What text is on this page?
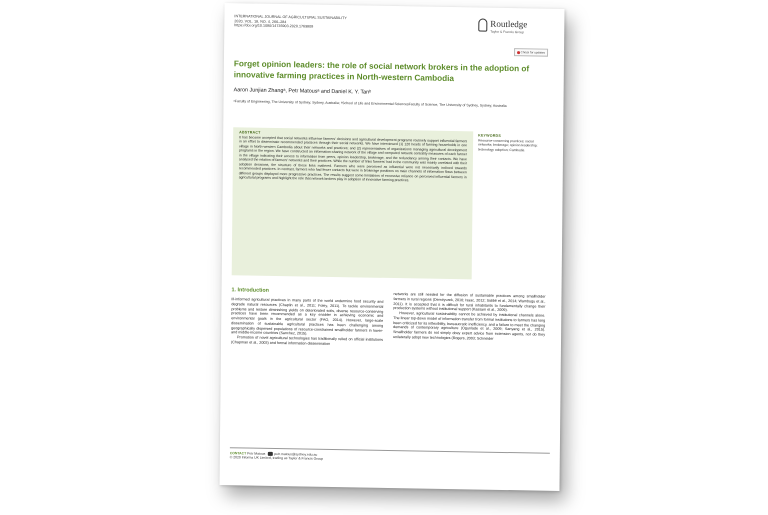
INTERNATIONAL JOURNAL OF AGRICULTURAL SUSTAINABILITY
2020, VOL. 18, NO. 4, 266–284
https://doi.org/10.1080/14735903.2020.1769808	Routledge
Taylor & Francis Group
Check for updates
Forget opinion leaders: the role of social network brokers in the adoption of innovative farming practices in North-western Cambodia
Aaron Junjian Zhangᵃ, Petr Matousᵃ and Daniel K. Y. Tanᵇ
ᵃFaculty of Engineering, The University of Sydney, Sydney, Australia; ᵇSchool of Life and Environmental SciencesFaculty of Science, The University of Sydney, Sydney, Australia
ABSTRACT
It has become accepted that social networks influence farmers' decisions and agricultural development programs routinely support influential farmers in an effort to disseminate recommended practices through their social networks. We have interviewed (1) 120 heads of farming households in one village in North-western Cambodia about their networks and practices; and (2) representatives of organizations managing agricultural development programs in the region. We have constructed an information-sharing network of the village and computed network centrality measures of each farmer in the village indicating their access to information from peers, opinion leadership, brokerage, and the redundancy among their contacts. We have analysed the relation of farmers' networks and their practices. While the number of links farmers' had in the community was mainly unrelated with their adoption decisions, the structure of these links mattered. Farmers who were perceived as influential were not necessarily inclined towards recommended practices. In contrast, farmers who had fewer contacts but were in brokerage positions on main channels of information flows between different groups displayed more progressive practices. The results suggest some limitations of excessive reliance on perceived influential farmers in agricultural programs and highlight the role that network brokers play in adoption of innovative farming practices.
KEYWORDS
Resource-conserving practices; social networks; brokerage; opinion leadership; technology adoption; Cambodia
1. Introduction

Ill-informed agricultural practices in many parts of the world undermine food security and degrade natural resources (Chaplin et al., 2011; Foley, 2011). To tackle environmental problems and restore diminishing yields on deteriorated soils, diverse resource-conserving practices have been recommended as a key enabler in achieving economic and environmental goals in the agricultural sector (FAO, 2014). However, large-scale dissemination of sustainable agricultural practices has been challenging among geographically dispersed populations of resource-constrained smallholder farmers in lower- and middle-income countries (Sanchez, 2015).

Promotion of novel agricultural technologies has traditionally relied on official institutions (Chapman et al., 2003) and formal information-dissemination

networks are still needed for the diffusion of sustainable practices among smallholder farmers in rural regions (Demiryurek, 2010; Isaac, 2012; Sidibé et al., 2014; Wambugu et al., 2011). It is accepted that it is difficult for rural inhabitants to fundamentally change their production systems without institutional support (Kassam et al., 2009).

However, agricultural sustainability cannot be achieved by institutional channels alone. The linear top-down model of information transfer from formal institutions to farmers has long been criticized for its inflexibility, bureaucratic inefficiency, and a failure to meet the changing demands of contemporary agriculture (Ogunlade et al., 2009; Sanyang et al., 2015). Smallholder farmers do not simply obey expert advice from extension agents, nor do they unilaterally adopt new technologies (Rogers, 2003; Schneider

CONTACT Petr Matous	petr.matous@sydney.edu.au
© 2020 Informa UK Limited, trading as Taylor & Francis Group
